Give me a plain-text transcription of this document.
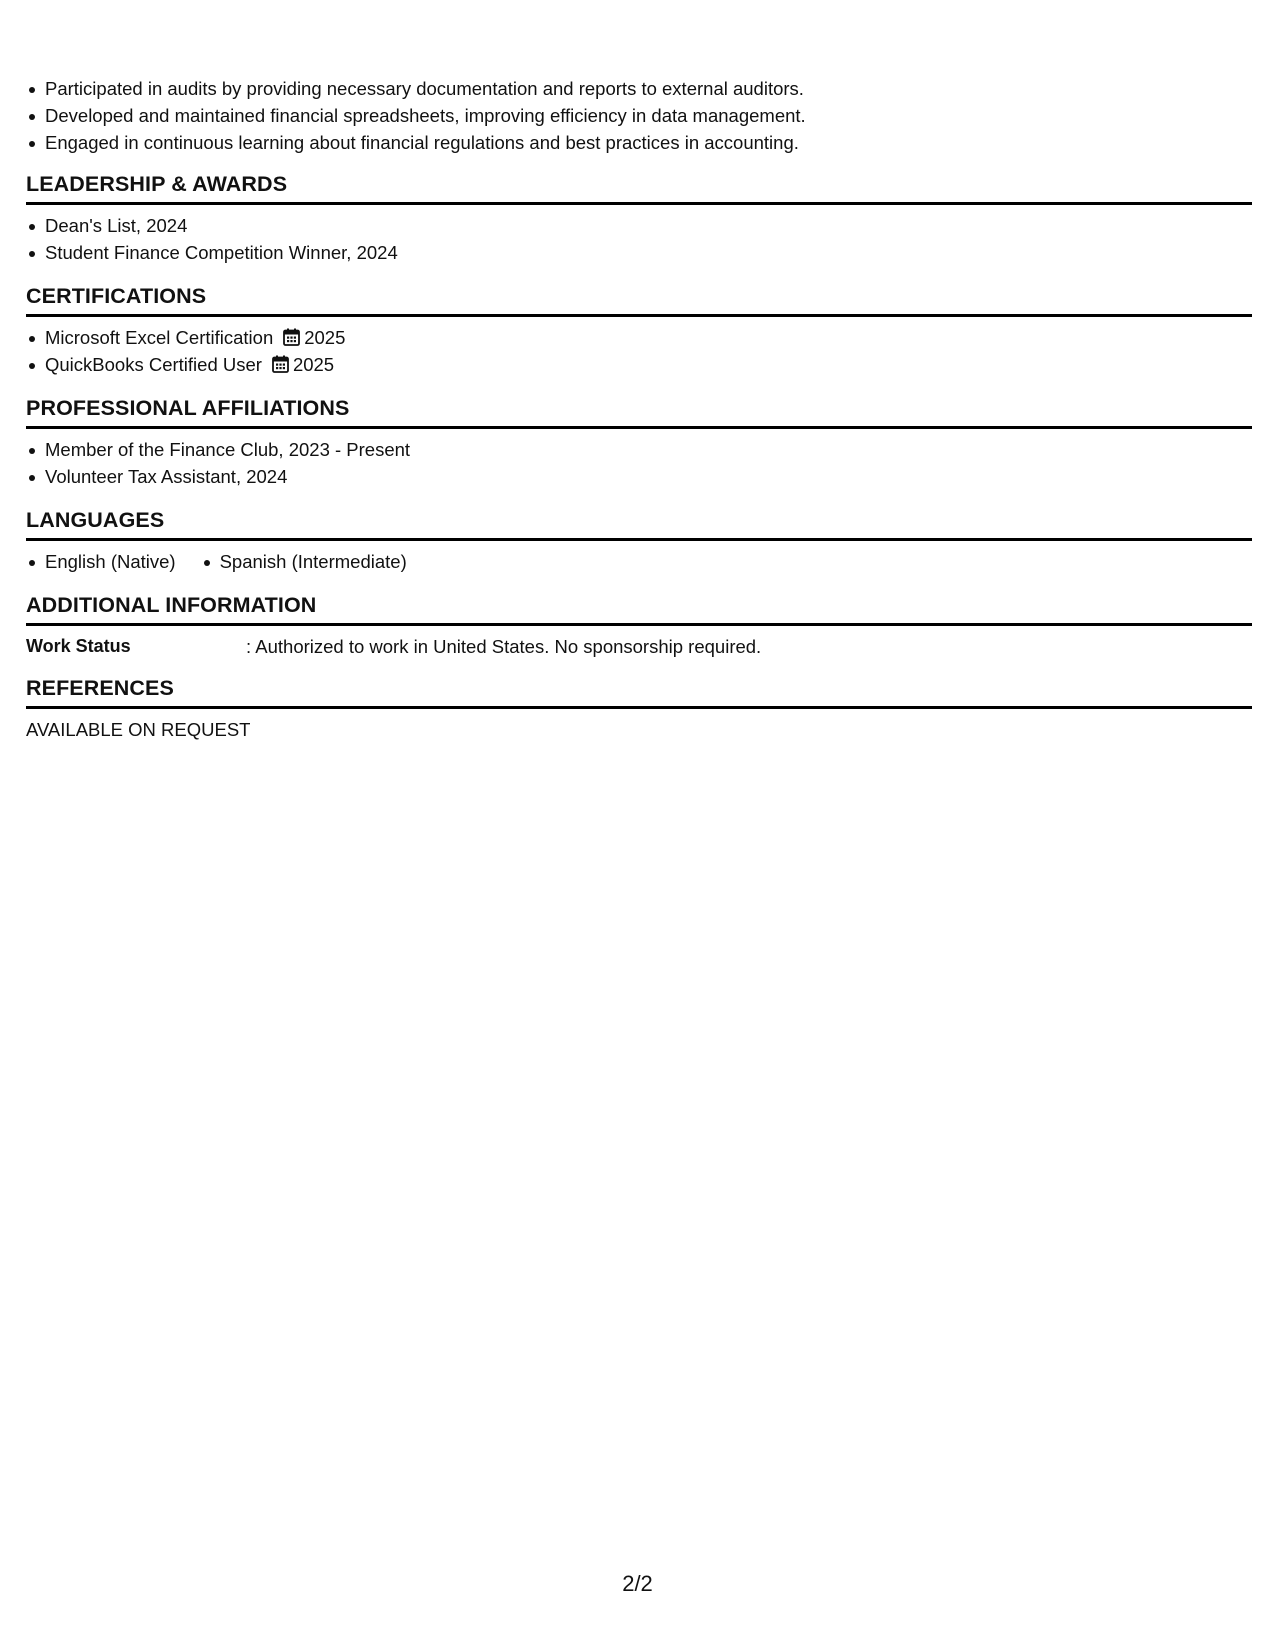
Participated in audits by providing necessary documentation and reports to external auditors.
Developed and maintained financial spreadsheets, improving efficiency in data management.
Engaged in continuous learning about financial regulations and best practices in accounting.
LEADERSHIP & AWARDS
Dean's List, 2024
Student Finance Competition Winner, 2024
CERTIFICATIONS
Microsoft Excel Certification 2025
QuickBooks Certified User 2025
PROFESSIONAL AFFILIATIONS
Member of the Finance Club, 2023 - Present
Volunteer Tax Assistant, 2024
LANGUAGES
English (Native)	Spanish (Intermediate)
ADDITIONAL INFORMATION
Work Status	: Authorized to work in United States. No sponsorship required.
REFERENCES
AVAILABLE ON REQUEST
2/2
